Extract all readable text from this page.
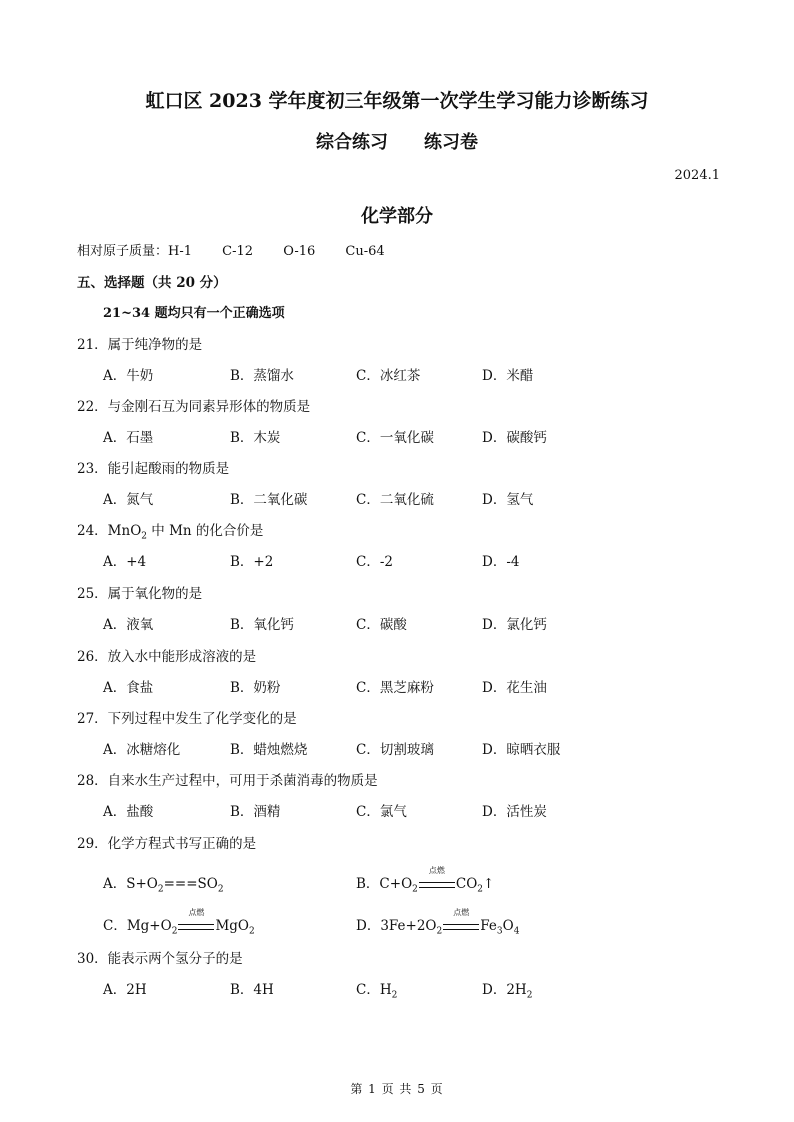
虹口区 2023 学年度初三年级第一次学生学习能力诊断练习
综合练习　　练习卷
2024.1
化学部分
相对原子质量：H-1 C-12 O-16 Cu-64
五、选择题（共 20 分）
21~34 题均只有一个正确选项
21．属于纯净物的是
A．牛奶	B．蒸馏水	C．冰红茶	D．米醋
22．与金刚石互为同素异形体的物质是
A．石墨	B．木炭	C．一氧化碳	D．碳酸钙
23．能引起酸雨的物质是
A．氮气	B．二氧化碳	C．二氧化硫	D．氢气
24．MnO$_2$ 中 Mn 的化合价是
A．+4	B．+2	C．-2	D．-4
25．属于氧化物的是
A．液氧	B．氧化钙	C．碳酸	D．氯化钙
26．放入水中能形成溶液的是
A．食盐	B．奶粉	C．黑芝麻粉	D．花生油
27．下列过程中发生了化学变化的是
A．冰糖熔化	B．蜡烛燃烧	C．切割玻璃	D．晾晒衣服
28．自来水生产过程中，可用于杀菌消毒的物质是
A．盐酸	B．酒精	C．氯气	D．活性炭
29．化学方程式书写正确的是
A．$S+O_2===SO_2$	B．$C+O_2$
点燃
$CO_2↑$
C．$Mg+O_2$
点燃
MgO$_2$	D．$3Fe+2O_2$
点燃
$Fe_3O_4$
30．能表示两个氢分子的是
A．2H	B．4H	C．$H_2$	D．$2H_2$
第 1 页 共 5 页
